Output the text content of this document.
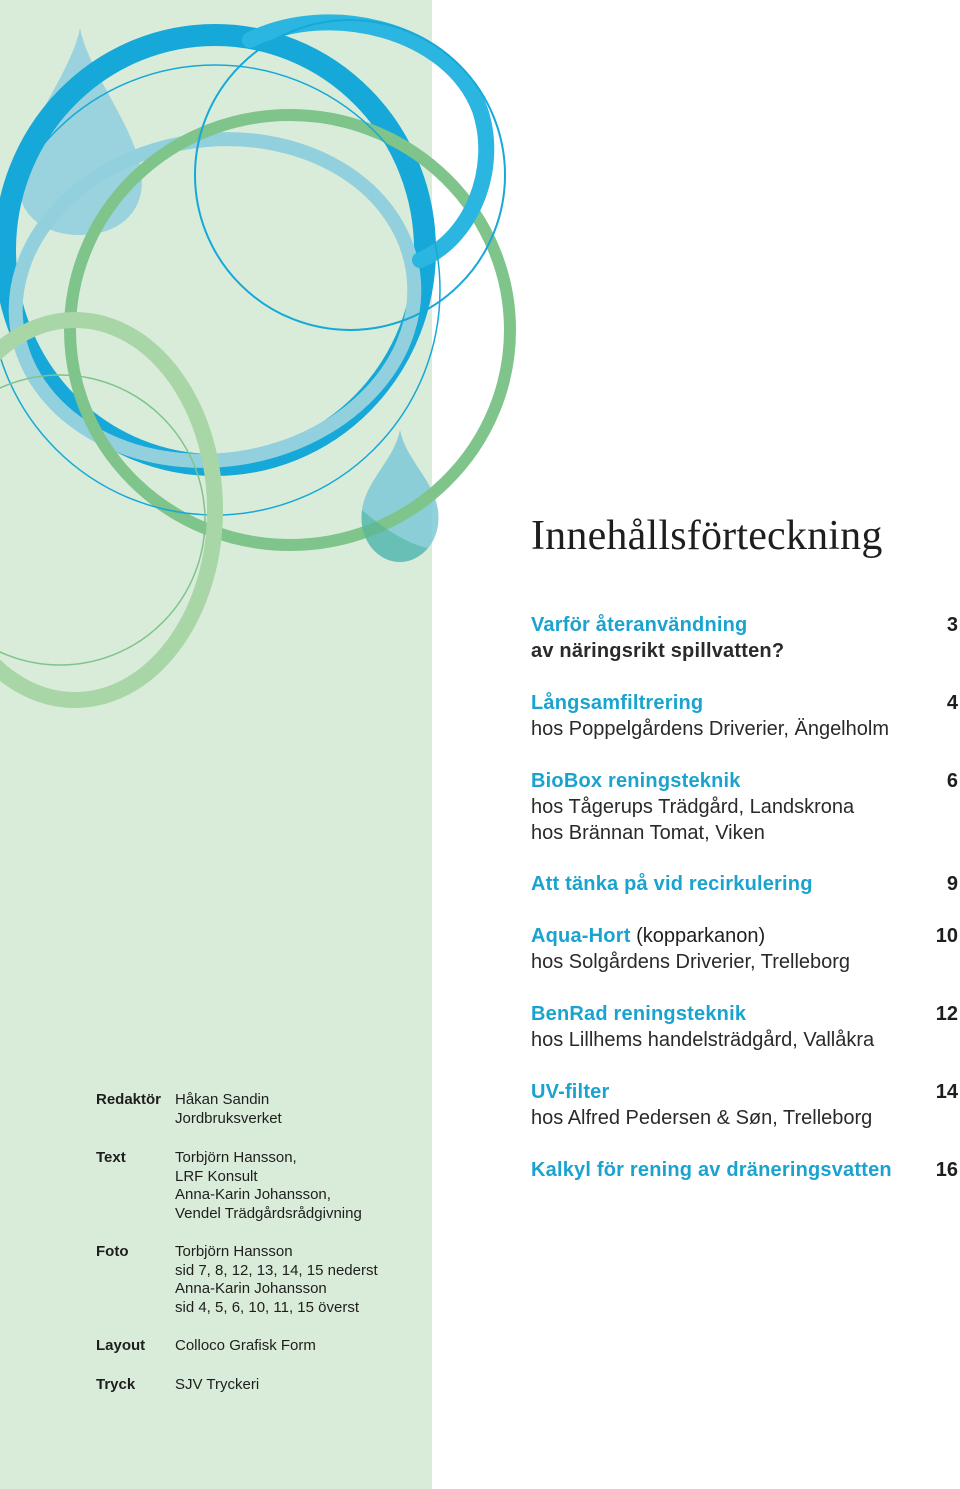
Innehållsförteckning
Varför återanvändning	3
av näringsrikt spillvatten?
Långsamfiltrering	4
hos Poppelgårdens Driverier, Ängelholm
BioBox reningsteknik	6
hos Tågerups Trädgård, Landskrona
hos Brännan Tomat, Viken
Att tänka på vid recirkulering	9
Aqua-Hort (kopparkanon)	10
hos Solgårdens Driverier, Trelleborg
BenRad reningsteknik	12
hos Lillhems handelsträdgård, Vallåkra
UV-filter	14
hos Alfred Pedersen & Søn, Trelleborg
Kalkyl för rening av dräneringsvatten 16
Redaktör Håkan Sandin
Jordbruksverket
Text	Torbjörn Hansson,
LRF Konsult
Anna-Karin Johansson,
Vendel Trädgårdsrådgivning
Foto	Torbjörn Hansson
sid 7, 8, 12, 13, 14, 15 nederst
Anna-Karin Johansson
sid 4, 5, 6, 10, 11, 15 överst
Layout Colloco Grafisk Form
Tryck	SJV Tryckeri
